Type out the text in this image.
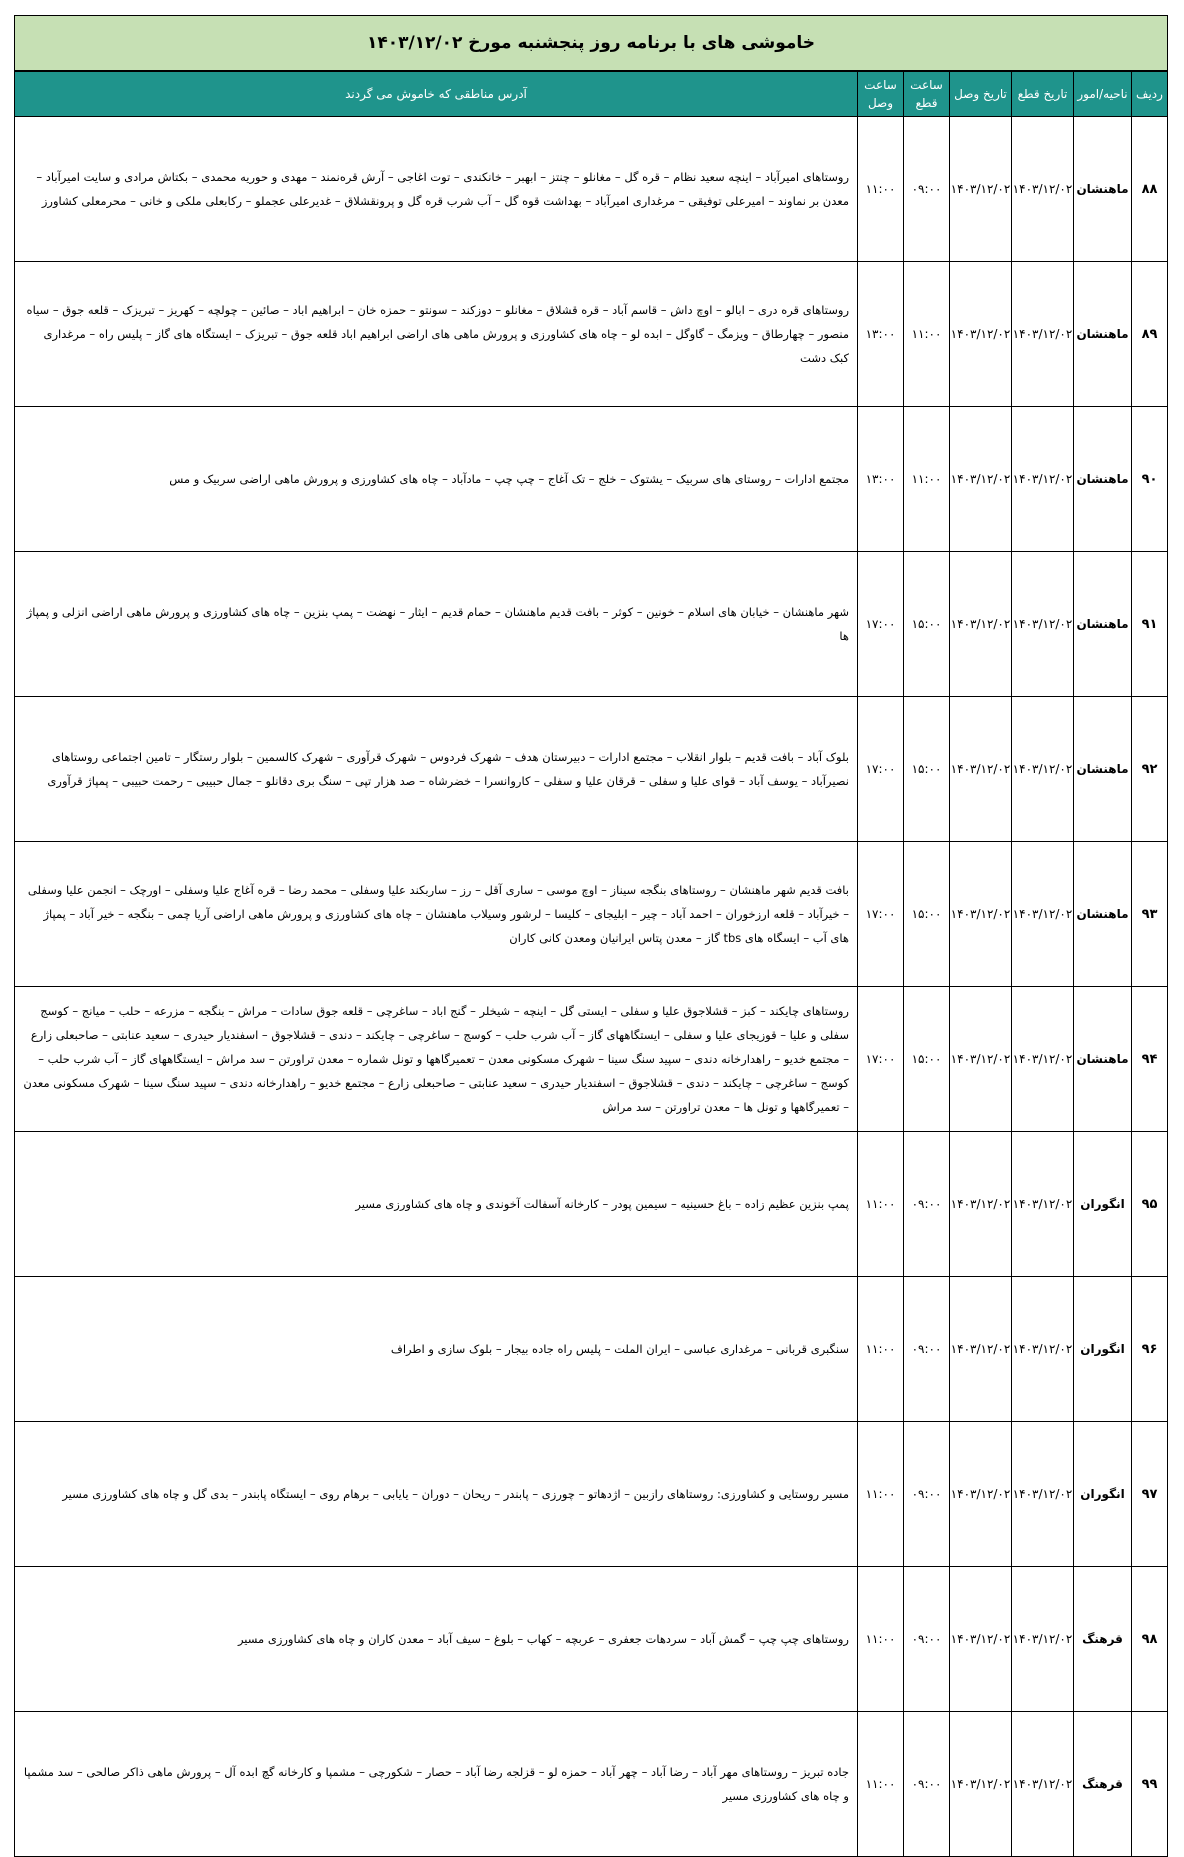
خاموشی های با برنامه روز پنجشنبه مورخ ۱۴۰۳/۱۲/۰۲
ردیف	ناحیه/امور	تاریخ قطع	تاریخ وصل	ساعت قطع	ساعت وصل	آدرس مناطقی که خاموش می گردند
۸۸	ماهنشان	۱۴۰۳/۱۲/۰۲	۱۴۰۳/۱۲/۰۲	۰۹:۰۰	۱۱:۰۰	روستاهای امیرآباد – اینچه سعید نظام – قره گل – مغانلو – چنتز – ابهبر – خانکندی – توت اغاجی – آرش قره‌نمند – مهدی و حوریه محمدی – بکتاش مرادی و سایت امیرآباد – معدن بر نماوند – امیرعلی توفیقی – مرغداری امیرآباد – بهداشت قوه گل – آب شرب قره گل و پرونقشلاق – غدیرعلی عجملو – رکابعلی ملکی و خانی – محرمعلی کشاورز
۸۹	ماهنشان	۱۴۰۳/۱۲/۰۲	۱۴۰۳/۱۲/۰۲	۱۱:۰۰	۱۳:۰۰	روستاهای قره دری – ابالو – اوچ داش – قاسم آباد – قره قشلاق – مغانلو – دوزکند – سونتو – حمزه خان – ابراهیم اباد – صائین – چولچه – کهریز – تبریزک – قلعه جوق – سیاه منصور – چهارطاق – ویزمگ – گاوگل – ابده لو – چاه های کشاورزی و پرورش ماهی های اراضی ابراهیم اباد قلعه جوق – تبریزک – ایستگاه های گاز – پلیس راه – مرغداری کبک دشت
۹۰	ماهنشان	۱۴۰۳/۱۲/۰۲	۱۴۰۳/۱۲/۰۲	۱۱:۰۰	۱۳:۰۰	مجتمع ادارات – روستای های سربیک – یشتوک – خلج – تک آغاج – چپ چپ – مادآباد – چاه های کشاورزی و پرورش ماهی اراضی سربیک و مس
۹۱	ماهنشان	۱۴۰۳/۱۲/۰۲	۱۴۰۳/۱۲/۰۲	۱۵:۰۰	۱۷:۰۰	شهر ماهنشان – خیابان های اسلام – خونین – کوثر – بافت قدیم ماهنشان – حمام قدیم – ایثار – نهضت – پمپ بنزین – چاه های کشاورزی و پرورش ماهی اراضی انزلی و پمپاژ ها
۹۲	ماهنشان	۱۴۰۳/۱۲/۰۲	۱۴۰۳/۱۲/۰۲	۱۵:۰۰	۱۷:۰۰	بلوک آباد – بافت قدیم – بلوار انقلاب – مجتمع ادارات – دبیرستان هدف – شهرک فردوس – شهرک قرآوری – شهرک کالسمین – بلوار رستگار – تامین اجتماعی روستاهای نصیرآباد – یوسف آباد – قوای علیا و سفلی – قرقان علیا و سفلی – کاروانسرا – خضرشاه – صد هزار تپی – سنگ بری دقانلو – جمال حبیبی – رحمت حبیبی – پمپاژ قرآوری
۹۳	ماهنشان	۱۴۰۳/۱۲/۰۲	۱۴۰۳/۱۲/۰۲	۱۵:۰۰	۱۷:۰۰	بافت قدیم شهر ماهنشان – روستاهای بنگجه سیناز – اوچ موسی – ساری آقل – رز – ساربکند علیا وسفلی – محمد رضا – قره آغاج علیا وسفلی – اورچک – انجمن علیا وسفلی – خیرآباد – قلعه ارزخوران – احمد آباد – چیر – ابلیجای – کلیسا – لرشور وسیلاب ماهنشان – چاه های کشاورزی و پرورش ماهی اراضی آریا چمی – بنگجه – خیر آباد – پمپاژ های آب – ایسگاه های tbs گاز – معدن پتاس ایرانیان ومعدن کانی کاران
۹۴	ماهنشان	۱۴۰۳/۱۲/۰۲	۱۴۰۳/۱۲/۰۲	۱۵:۰۰	۱۷:۰۰	روستاهای چایکند – کبز – قشلاجوق علیا و سفلی – ایستی گل – اینچه – شیخلر – گنج اباد – ساغرچی – قلعه جوق سادات – مراش – بنگجه – مزرعه – حلب – میانج – کوسج سفلی و علیا – قوزیجای علیا و سفلی – ایستگاههای گاز – آب شرب حلب – کوسج – ساغرچی – چایکند – دندی – قشلاجوق – اسفندیار حیدری – سعید عنابتی – صاحبعلی زارع – مجتمع خدیو – راهدارخانه دندی – سپید سنگ سینا – شهرک مسکونی معدن – تعمیرگاهها و تونل شماره – معدن تراورتن – سد مراش – ایستگاههای گاز – آب شرب حلب – کوسج – ساغرچی – چایکند – دندی – قشلاجوق – اسفندیار حیدری – سعید عنابتی – صاحبعلی زارع – مجتمع خدیو – راهدارخانه دندی – سپید سنگ سینا – شهرک مسکونی معدن – تعمیرگاهها و تونل ها – معدن تراورتن – سد مراش
۹۵	انگوران	۱۴۰۳/۱۲/۰۲	۱۴۰۳/۱۲/۰۲	۰۹:۰۰	۱۱:۰۰	پمپ بنزین عظیم زاده – باغ حسینیه – سیمین پودر – کارخانه آسفالت آخوندی و چاه های کشاورزی مسیر
۹۶	انگوران	۱۴۰۳/۱۲/۰۲	۱۴۰۳/۱۲/۰۲	۰۹:۰۰	۱۱:۰۰	سنگبری قربانی – مرغداری عباسی – ایران الملت – پلیس راه جاده بیجار – بلوک سازی و اطراف
۹۷	انگوران	۱۴۰۳/۱۲/۰۲	۱۴۰۳/۱۲/۰۲	۰۹:۰۰	۱۱:۰۰	مسیر روستایی و کشاورزی: روستاهای رازبین – اژدهاتو – چورزی – پابندر – ریحان – دوران – یایابی – برهام روی – ایستگاه پابندر – بدی گل و چاه های کشاورزی مسیر
۹۸	قرهنگ	۱۴۰۳/۱۲/۰۲	۱۴۰۳/۱۲/۰۲	۰۹:۰۰	۱۱:۰۰	روستاهای چپ چپ – گمش آباد – سردهات جعفری – عربچه – کهاب – بلوغ – سیف آباد – معدن کاران و چاه های کشاورزی مسیر
۹۹	قرهنگ	۱۴۰۳/۱۲/۰۲	۱۴۰۳/۱۲/۰۲	۰۹:۰۰	۱۱:۰۰	جاده تبریز – روستاهای مهر آباد – رضا آباد – چهر آباد – حمزه لو – قزلجه رضا آباد – حصار – شکورچی – مشمپا و کارخانه گچ ابده آل – پرورش ماهی ذاکر صالحی – سد مشمپا و چاه های کشاورزی مسیر
